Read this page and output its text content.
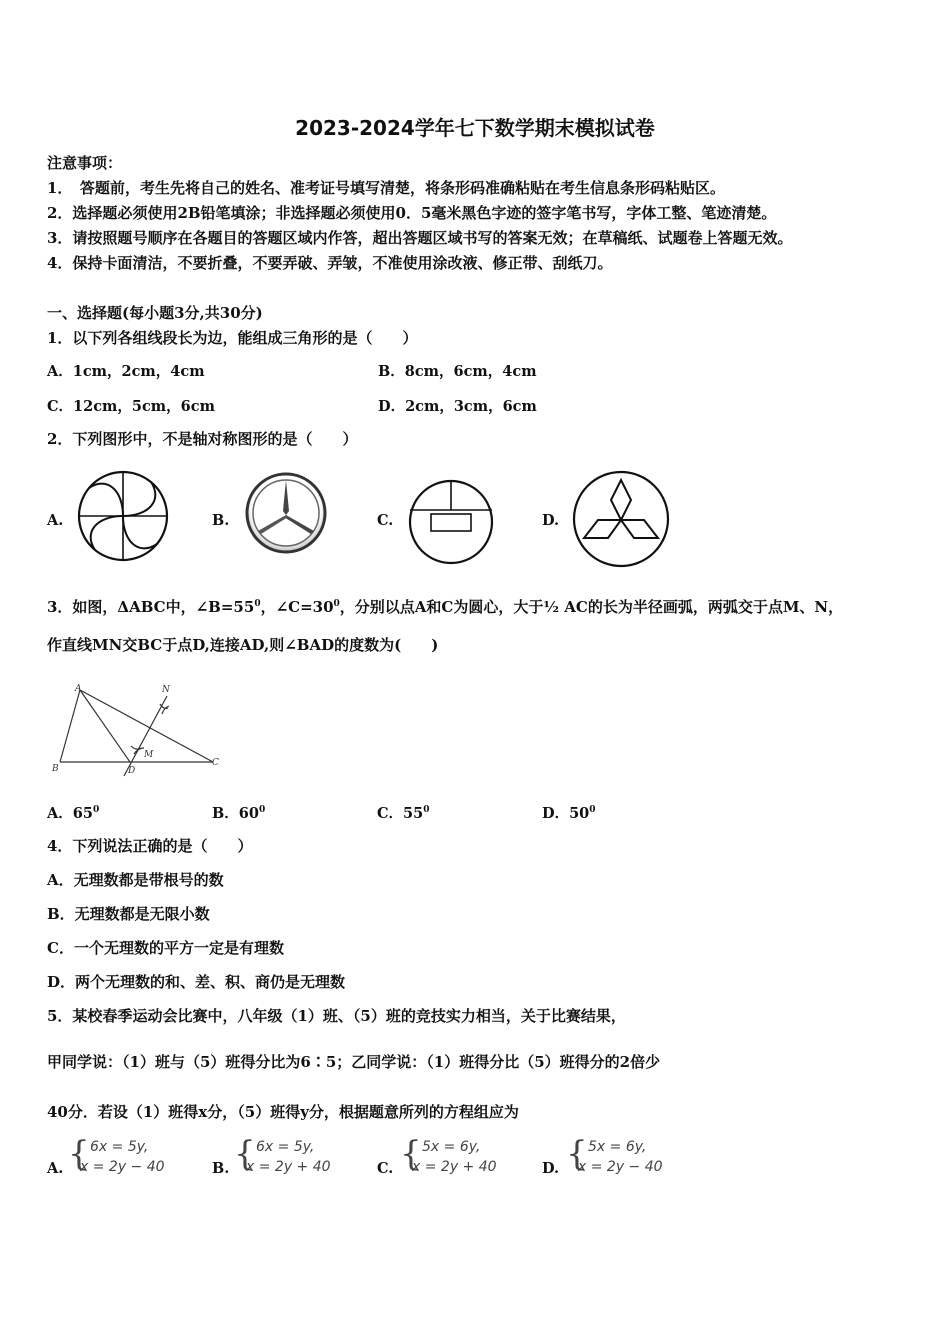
2023-2024学年七下数学期末模拟试卷
注意事项：
1．　答题前，考生先将自己的姓名、准考证号填写清楚，将条形码准确粘贴在考生信息条形码粘贴区。
2．选择题必须使用2B铅笔填涂；非选择题必须使用0．5毫米黑色字迹的签字笔书写，字体工整、笔迹清楚。
3．请按照题号顺序在各题目的答题区域内作答，超出答题区域书写的答案无效；在草稿纸、试题卷上答题无效。
4．保持卡面清洁，不要折叠，不要弄破、弄皱，不准使用涂改液、修正带、刮纸刀。
一、选择题(每小题3分,共30分)
1．以下列各组线段长为边，能组成三角形的是（　　）
A．1cm，2cm，4cm	B．8cm，6cm，4cm
C．12cm，5cm，6cm	D．2cm，3cm，6cm
2．下列图形中，不是轴对称图形的是（　　）
A.	B.	C.	D.
3．如图，ΔABC中，$\angle B=55^0$，$\angle C=30^0$，分别以点A和C为圆心，大于½ AC的长为半径画弧，两弧交于点M、N，
作直线MN交BC于点D,连接AD,则∠BAD的度数为(　　)
A
B
C
D
M
N
A．$65^0$	B．$60^0$	C．$55^0$	D．$50^0$
4．下列说法正确的是（　　）
A．无理数都是带根号的数
B．无理数都是无限小数
C．一个无理数的平方一定是有理数
D．两个无理数的和、差、积、商仍是无理数
5．某校春季运动会比赛中，八年级（1）班、（5）班的竞技实力相当，关于比赛结果，
甲同学说：（1）班与（5）班得分比为6∶5；乙同学说：（1）班得分比（5）班得分的2倍少
40分．若设（1）班得x分，（5）班得y分，根据题意所列的方程组应为
A. { 6x = 5y,
x = 2y − 40	B. { 6x = 5y,
x = 2y + 40	C. { 5x = 6y,
x = 2y + 40	D. { 5x = 6y,
x = 2y − 40
